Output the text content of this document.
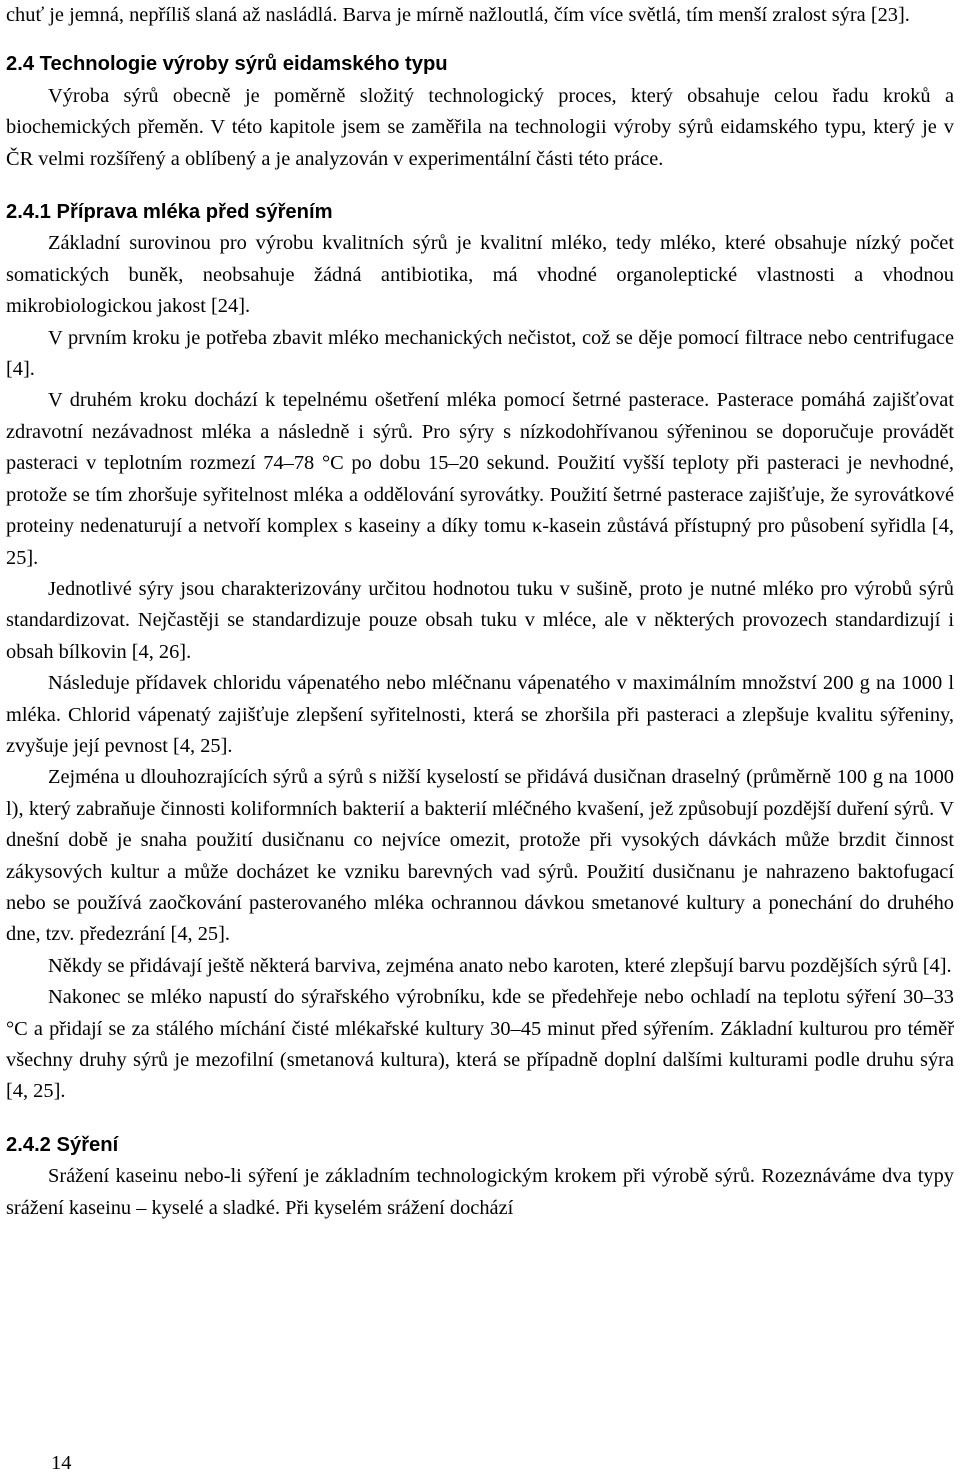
chuť je jemná, nepříliš slaná až nasládlá. Barva je mírně nažloutlá, čím více světlá, tím menší zralost sýra [23].

2.4 Technologie výroby sýrů eidamského typu

Výroba sýrů obecně je poměrně složitý technologický proces, který obsahuje celou řadu kroků a biochemických přeměn. V této kapitole jsem se zaměřila na technologii výroby sýrů eidamského typu, který je v ČR velmi rozšířený a oblíbený a je analyzován v experimentální části této práce.

2.4.1 Příprava mléka před sýřením

Základní surovinou pro výrobu kvalitních sýrů je kvalitní mléko, tedy mléko, které obsahuje nízký počet somatických buněk, neobsahuje žádná antibiotika, má vhodné organoleptické vlastnosti a vhodnou mikrobiologickou jakost [24].

V prvním kroku je potřeba zbavit mléko mechanických nečistot, což se děje pomocí filtrace nebo centrifugace [4].

V druhém kroku dochází k tepelnému ošetření mléka pomocí šetrné pasterace. Pasterace pomáhá zajišťovat zdravotní nezávadnost mléka a následně i sýrů. Pro sýry s nízkodohřívanou sýřeninou se doporučuje provádět pasteraci v teplotním rozmezí 74–78 °C po dobu 15–20 sekund. Použití vyšší teploty při pasteraci je nevhodné, protože se tím zhoršuje syřitelnost mléka a oddělování syrovátky. Použití šetrné pasterace zajišťuje, že syrovátkové proteiny nedenaturují a netvoří komplex s kaseiny a díky tomu κ-kasein zůstává přístupný pro působení syřidla [4, 25].

Jednotlivé sýry jsou charakterizovány určitou hodnotou tuku v sušině, proto je nutné mléko pro výrobů sýrů standardizovat. Nejčastěji se standardizuje pouze obsah tuku v mléce, ale v některých provozech standardizují i obsah bílkovin [4, 26].

Následuje přídavek chloridu vápenatého nebo mléčnanu vápenatého v maximálním množství 200 g na 1000 l mléka. Chlorid vápenatý zajišťuje zlepšení syřitelnosti, která se zhoršila při pasteraci a zlepšuje kvalitu sýřeniny, zvyšuje její pevnost [4, 25].

Zejména u dlouhozrajících sýrů a sýrů s nižší kyselostí se přidává dusičnan draselný (průměrně 100 g na 1000 l), který zabraňuje činnosti koliformních bakterií a bakterií mléčného kvašení, jež způsobují pozdější duření sýrů. V dnešní době je snaha použití dusičnanu co nejvíce omezit, protože při vysokých dávkách může brzdit činnost zákysových kultur a může docházet ke vzniku barevných vad sýrů. Použití dusičnanu je nahrazeno baktofugací nebo se používá zaočkování pasterovaného mléka ochrannou dávkou smetanové kultury a ponechání do druhého dne, tzv. předezrání [4, 25].

Někdy se přidávají ještě některá barviva, zejména anato nebo karoten, které zlepšují barvu pozdějších sýrů [4].

Nakonec se mléko napustí do sýrařského výrobníku, kde se předehřeje nebo ochladí na teplotu sýření 30–33 °C a přidají se za stálého míchání čisté mlékařské kultury 30–45 minut před sýřením. Základní kulturou pro téměř všechny druhy sýrů je mezofilní (smetanová kultura), která se případně doplní dalšími kulturami podle druhu sýra [4, 25].

2.4.2 Sýření

Srážení kaseinu nebo-li sýření je základním technologickým krokem při výrobě sýrů. Rozeznáváme dva typy srážení kaseinu – kyselé a sladké. Při kyselém srážení dochází

14
